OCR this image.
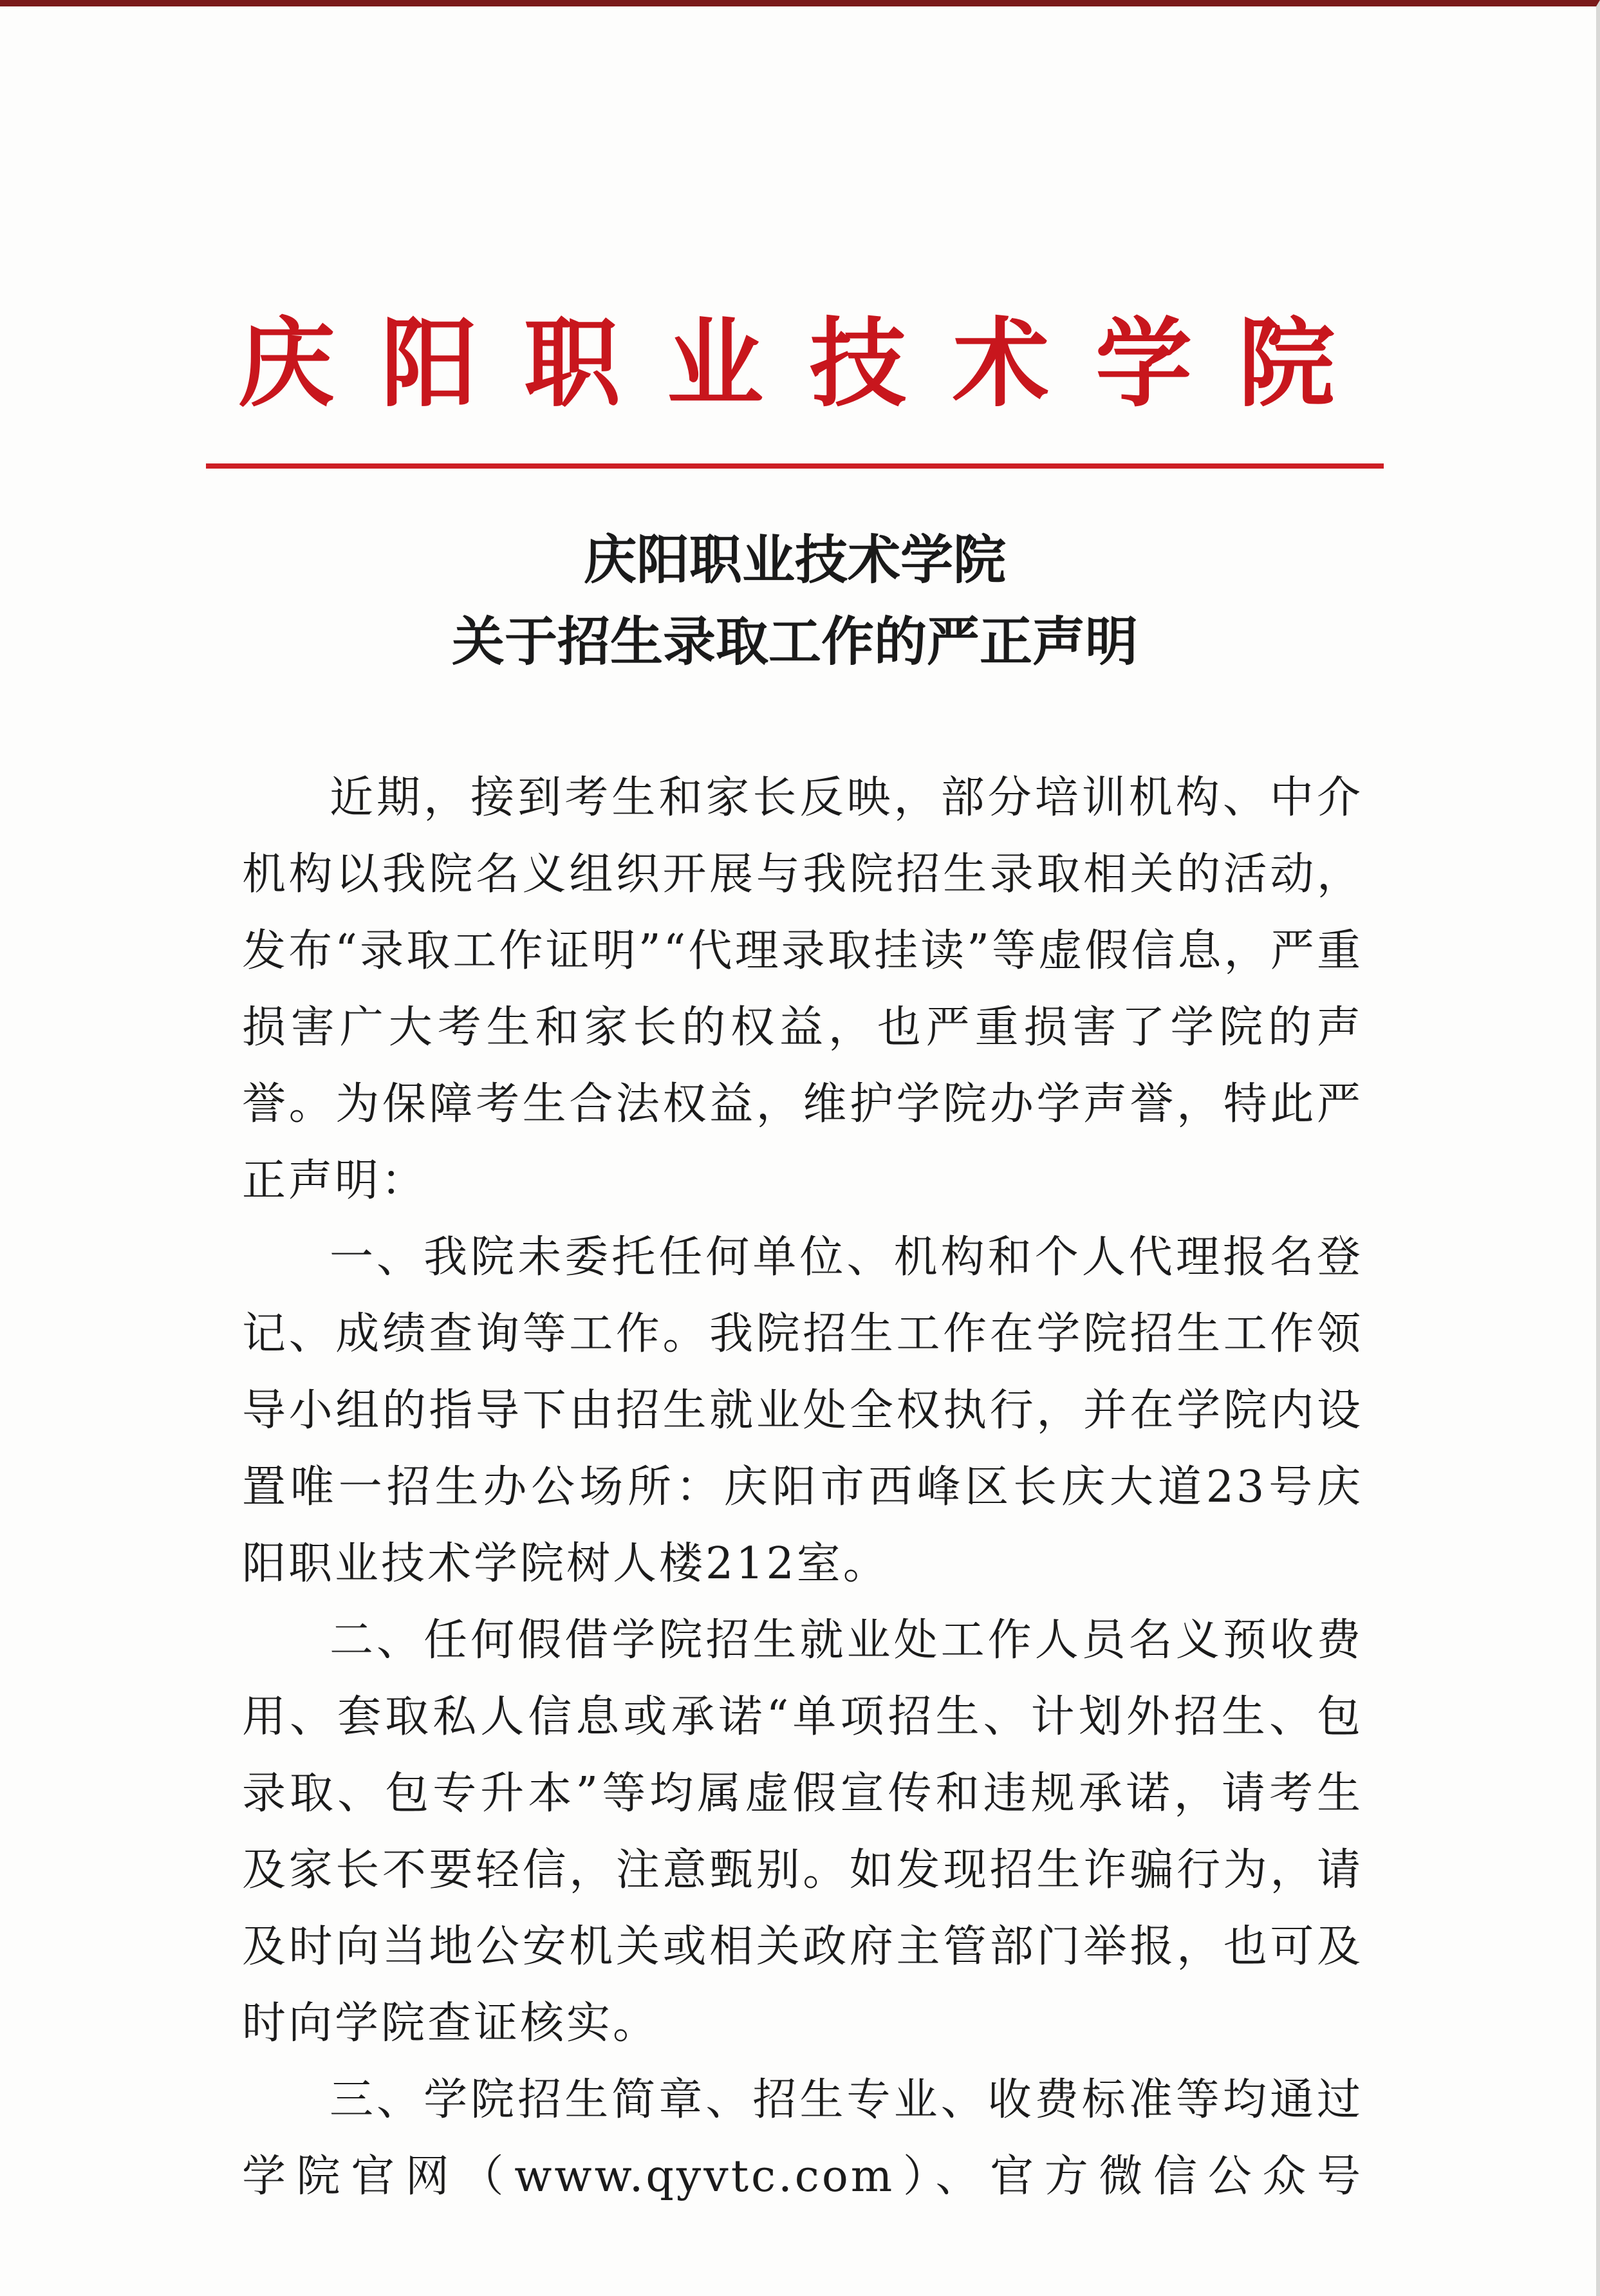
庆阳职业技术学院
庆阳职业技术学院
关于招生录取工作的严正声明

近期，接到考生和家长反映，部分培训机构、中介机构以我院名义组织开展与我院招生录取相关的活动，发布“录取工作证明”“代理录取挂读”等虚假信息，严重损害广大考生和家长的权益，也严重损害了学院的声誉。为保障考生合法权益，维护学院办学声誉，特此严正声明：

一、我院未委托任何单位、机构和个人代理报名登记、成绩查询等工作。我院招生工作在学院招生工作领导小组的指导下由招生就业处全权执行，并在学院内设置唯一招生办公场所：庆阳市西峰区长庆大道23号庆阳职业技术学院树人楼212室。

二、任何假借学院招生就业处工作人员名义预收费用、套取私人信息或承诺“单项招生、计划外招生、包录取、包专升本”等均属虚假宣传和违规承诺，请考生及家长不要轻信，注意甄别。如发现招生诈骗行为，请及时向当地公安机关或相关政府主管部门举报，也可及时向学院查证核实。

三、学院招生简章、招生专业、收费标准等均通过学院官网（www.qyvtc.com）、官方微信公众号
